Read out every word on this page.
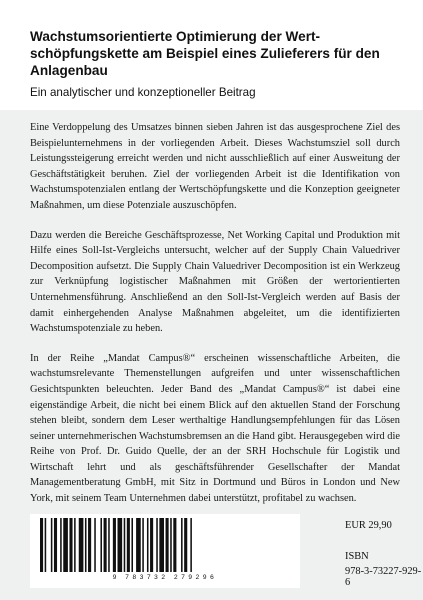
Wachstumsorientierte Optimierung der Wert-schöpfungskette am Beispiel eines Zulieferers für den Anlagenbau

Ein analytischer und konzeptioneller Beitrag

Eine Verdoppelung des Umsatzes binnen sieben Jahren ist das ausgesprochene Ziel des Beispielunternehmens in der vorliegenden Arbeit. Dieses Wachstumsziel soll durch Leistungssteigerung erreicht werden und nicht ausschließlich auf einer Ausweitung der Geschäftstätigkeit beruhen. Ziel der vorliegenden Arbeit ist die Identifikation von Wachstumspotenzialen entlang der Wertschöpfungskette und die Konzeption geeigneter Maßnahmen, um diese Potenziale auszuschöpfen.

Dazu werden die Bereiche Geschäftsprozesse, Net Working Capital und Produktion mit Hilfe eines Soll-Ist-Vergleichs untersucht, welcher auf der Supply Chain Valuedriver Decomposition aufsetzt. Die Supply Chain Valuedriver Decomposition ist ein Werkzeug zur Verknüpfung logistischer Maßnahmen mit Größen der wertorientierten Unternehmensführung. Anschließend an den Soll-Ist-Vergleich werden auf Basis der damit einhergehenden Analyse Maßnahmen abgeleitet, um die identifizierten Wachstumspotenziale zu heben.

In der Reihe „Mandat Campus®“ erscheinen wissenschaftliche Arbeiten, die wachstumsrelevante Themenstellungen aufgreifen und unter wissenschaftlichen Gesichtspunkten beleuchten. Jeder Band des „Mandat Campus®“ ist dabei eine eigenständige Arbeit, die nicht bei einem Blick auf den aktuellen Stand der Forschung stehen bleibt, sondern dem Leser werthaltige Handlungsempfehlungen für das Lösen seiner unternehmerischen Wachstumsbremsen an die Hand gibt. Herausgegeben wird die Reihe von Prof. Dr. Guido Quelle, der an der SRH Hochschule für Logistik und Wirtschaft lehrt und als geschäftsführender Gesellschafter der Mandat Managementberatung GmbH, mit Sitz in Dortmund und Büros in London und New York, mit seinem Team Unternehmen dabei unterstützt, profitabel zu wachsen.

9 783732 279296

EUR 29,90

ISBN

978-3-73227-929-6
